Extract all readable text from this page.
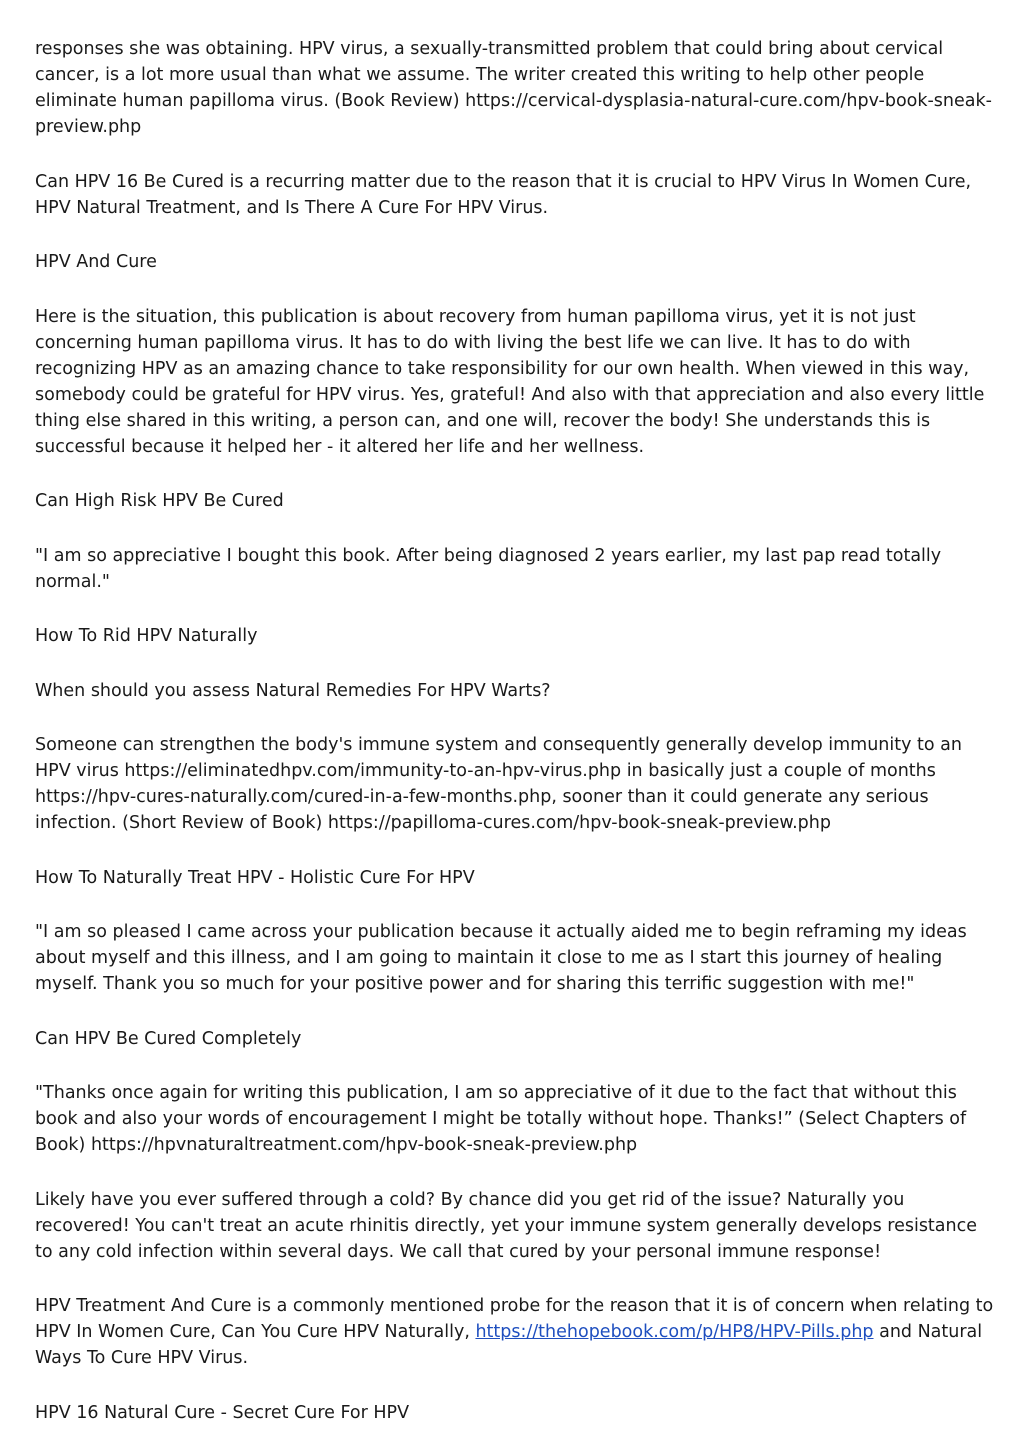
responses she was obtaining. HPV virus, a sexually-transmitted problem that could bring about cervical cancer, is a lot more usual than what we assume. The writer created this writing to help other people eliminate human papilloma virus. (Book Review) https://cervical-dysplasia-natural-cure.com/hpv-book-sneak-preview.php

Can HPV 16 Be Cured is a recurring matter due to the reason that it is crucial to HPV Virus In Women Cure, HPV Natural Treatment, and Is There A Cure For HPV Virus.

HPV And Cure

Here is the situation, this publication is about recovery from human papilloma virus, yet it is not just concerning human papilloma virus. It has to do with living the best life we can live. It has to do with recognizing HPV as an amazing chance to take responsibility for our own health. When viewed in this way, somebody could be grateful for HPV virus. Yes, grateful! And also with that appreciation and also every little thing else shared in this writing, a person can, and one will, recover the body! She understands this is successful because it helped her - it altered her life and her wellness.

Can High Risk HPV Be Cured

"I am so appreciative I bought this book. After being diagnosed 2 years earlier, my last pap read totally normal."

How To Rid HPV Naturally

When should you assess Natural Remedies For HPV Warts?

Someone can strengthen the body's immune system and consequently generally develop immunity to an HPV virus https://eliminatedhpv.com/immunity-to-an-hpv-virus.php in basically just a couple of months https://hpv-cures-naturally.com/cured-in-a-few-months.php, sooner than it could generate any serious infection. (Short Review of Book) https://papilloma-cures.com/hpv-book-sneak-preview.php

How To Naturally Treat HPV - Holistic Cure For HPV

"I am so pleased I came across your publication because it actually aided me to begin reframing my ideas about myself and this illness, and I am going to maintain it close to me as I start this journey of healing myself. Thank you so much for your positive power and for sharing this terrific suggestion with me!"

Can HPV Be Cured Completely

"Thanks once again for writing this publication, I am so appreciative of it due to the fact that without this book and also your words of encouragement I might be totally without hope. Thanks!” (Select Chapters of Book) https://hpvnaturaltreatment.com/hpv-book-sneak-preview.php

Likely have you ever suffered through a cold? By chance did you get rid of the issue? Naturally you recovered! You can't treat an acute rhinitis directly, yet your immune system generally develops resistance to any cold infection within several days. We call that cured by your personal immune response!

HPV Treatment And Cure is a commonly mentioned probe for the reason that it is of concern when relating to HPV In Women Cure, Can You Cure HPV Naturally, https://thehopebook.com/p/HP8/HPV-Pills.php and Natural Ways To Cure HPV Virus.

HPV 16 Natural Cure - Secret Cure For HPV
